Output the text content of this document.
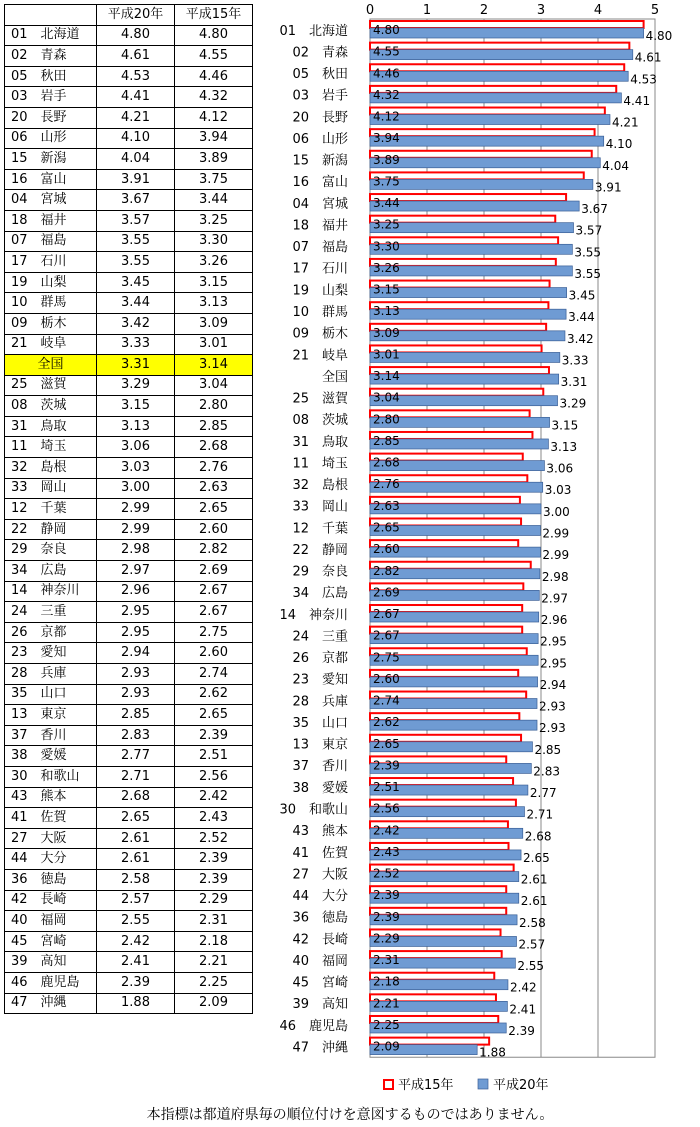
	平成20年	平成15年
01　北海道	4.80	4.80
02　青森	4.61	4.55
05　秋田	4.53	4.46
03　岩手	4.41	4.32
20　長野	4.21	4.12
06　山形	4.10	3.94
15　新潟	4.04	3.89
16　富山	3.91	3.75
04　宮城	3.67	3.44
18　福井	3.57	3.25
07　福島	3.55	3.30
17　石川	3.55	3.26
19　山梨	3.45	3.15
10　群馬	3.44	3.13
09　栃木	3.42	3.09
21　岐阜	3.33	3.01
全国	3.31	3.14
25　滋賀	3.29	3.04
08　茨城	3.15	2.80
31　鳥取	3.13	2.85
11　埼玉	3.06	2.68
32　島根	3.03	2.76
33　岡山	3.00	2.63
12　千葉	2.99	2.65
22　静岡	2.99	2.60
29　奈良	2.98	2.82
34　広島	2.97	2.69
14　神奈川	2.96	2.67
24　三重	2.95	2.67
26　京都	2.95	2.75
23　愛知	2.94	2.60
28　兵庫	2.93	2.74
35　山口	2.93	2.62
13　東京	2.85	2.65
37　香川	2.83	2.39
38　愛媛	2.77	2.51
30　和歌山	2.71	2.56
43　熊本	2.68	2.42
41　佐賀	2.65	2.43
27　大阪	2.61	2.52
44　大分	2.61	2.39
36　徳島	2.58	2.39
42　長崎	2.57	2.29
40　福岡	2.55	2.31
45　宮崎	2.42	2.18
39　高知	2.41	2.21
46　鹿児島	2.39	2.25
47　沖縄	1.88	2.09
0	1	2	3	4	5
01　北海道 4.80	4.80
02　青森 4.55	4.61
05　秋田 4.46	4.53
03　岩手 4.32	4.41
20　長野 4.12	4.21
06　山形 3.94	4.10
15　新潟 3.89	4.04
16　富山 3.75	3.91
04　宮城 3.44	3.67
18　福井 3.25	3.57
07　福島 3.30	3.55
17　石川 3.26	3.55
19　山梨 3.15	3.45
10　群馬 3.13	3.44
09　栃木 3.09	3.42
21　岐阜 3.01	3.33
全国 3.14	3.31
25　滋賀 3.04	3.29
08　茨城 2.80	3.15
31　鳥取 2.85	3.13
11　埼玉 2.68	3.06
32　島根 2.76	3.03
33　岡山 2.63	3.00
12　千葉 2.65	2.99
22　静岡 2.60	2.99
29　奈良 2.82	2.98
34　広島 2.69	2.97
14　神奈川 2.67	2.96
24　三重 2.67	2.95
26　京都 2.75	2.95
23　愛知 2.60	2.94
28　兵庫 2.74	2.93
35　山口 2.62	2.93
13　東京 2.65	2.85
37　香川 2.39	2.83
38　愛媛 2.51	2.77
30　和歌山 2.56	2.71
43　熊本 2.42	2.68
41　佐賀 2.43	2.65
27　大阪 2.52	2.61
44　大分 2.39	2.61
36　徳島 2.39	2.58
42　長崎 2.29	2.57
40　福岡 2.31	2.55
45　宮崎 2.18	2.42
39　高知 2.21	2.41
46　鹿児島 2.25	2.39
47　沖縄 2.09	1.88
平成15年	平成20年
本指標は都道府県毎の順位付けを意図するものではありません。
